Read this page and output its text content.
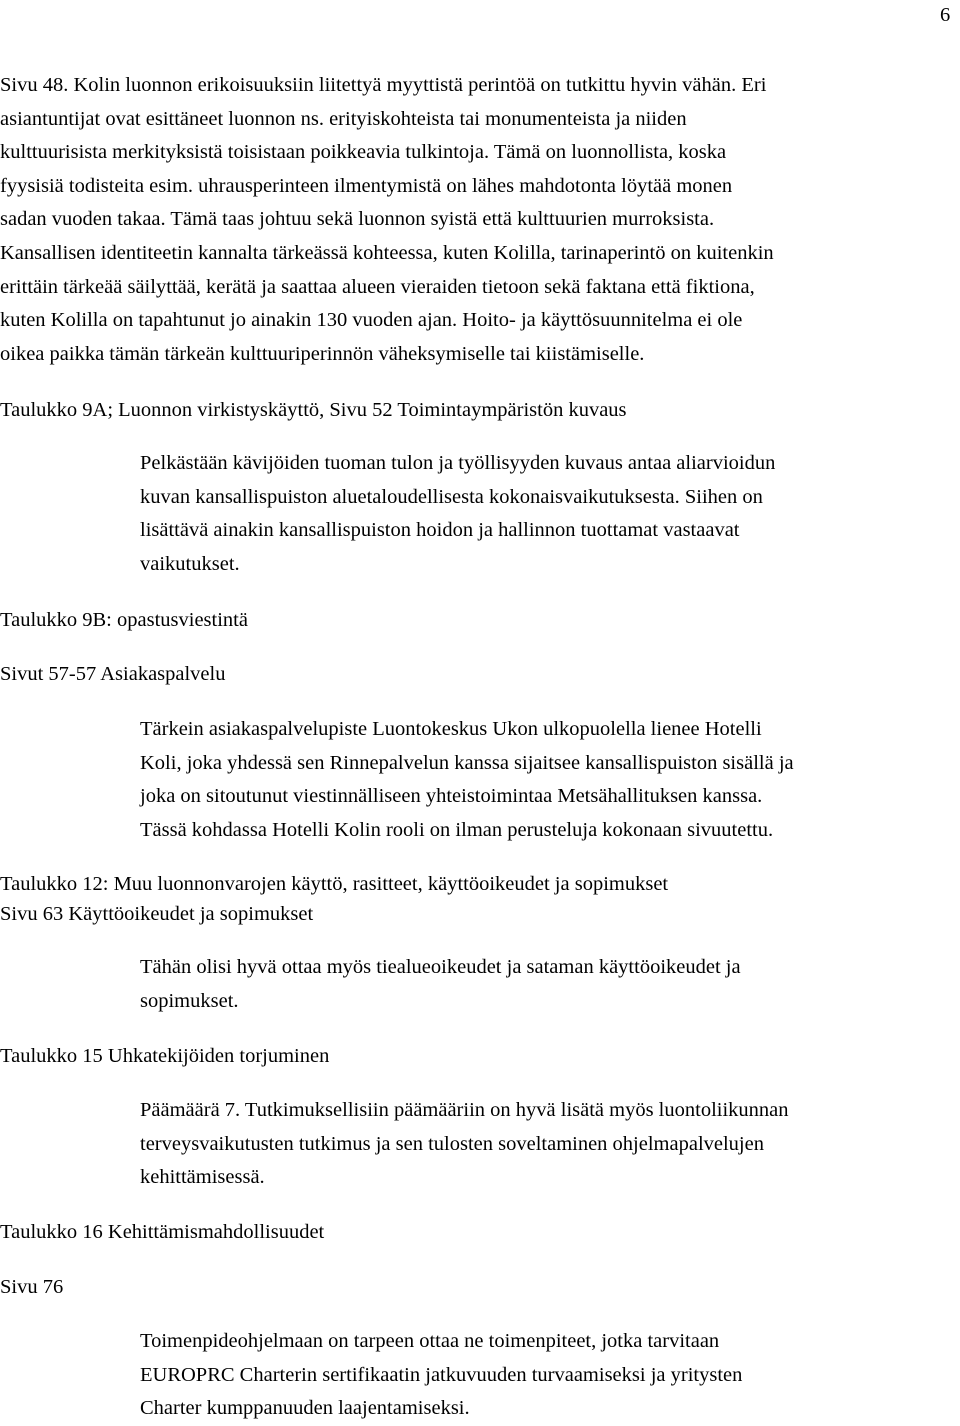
6
Sivu 48. Kolin luonnon erikoisuuksiin liitettyä myyttistä perintöä on tutkittu hyvin vähän. Eri
asiantuntijat ovat esittäneet luonnon ns. erityiskohteista tai monumenteista ja niiden
kulttuurisista merkityksistä toisistaan poikkeavia tulkintoja. Tämä on luonnollista, koska
fyysisiä todisteita esim. uhrausperinteen ilmentymistä on lähes mahdotonta löytää monen
sadan vuoden takaa. Tämä taas johtuu sekä luonnon syistä että kulttuurien murroksista.
Kansallisen identiteetin kannalta tärkeässä kohteessa, kuten Kolilla, tarinaperintö on kuitenkin
erittäin tärkeää säilyttää, kerätä ja saattaa alueen vieraiden tietoon sekä faktana että fiktiona,
kuten Kolilla on tapahtunut jo ainakin 130 vuoden ajan. Hoito- ja käyttösuunnitelma ei ole
oikea paikka tämän tärkeän kulttuuriperinnön väheksymiselle tai kiistämiselle.
Taulukko 9A; Luonnon virkistyskäyttö, Sivu 52 Toimintaympäristön kuvaus
Pelkästään kävijöiden tuoman tulon ja työllisyyden kuvaus antaa aliarvioidun
kuvan kansallispuiston aluetaloudellisesta kokonaisvaikutuksesta. Siihen on
lisättävä ainakin kansallispuiston hoidon ja hallinnon tuottamat vastaavat
vaikutukset.
Taulukko 9B: opastusviestintä
Sivut 57-57 Asiakaspalvelu
Tärkein asiakaspalvelupiste Luontokeskus Ukon ulkopuolella lienee Hotelli
Koli, joka yhdessä sen Rinnepalvelun kanssa sijaitsee kansallispuiston sisällä ja
joka on sitoutunut viestinnälliseen yhteistoimintaa Metsähallituksen kanssa.
Tässä kohdassa Hotelli Kolin rooli on ilman perusteluja kokonaan sivuutettu.
Taulukko 12: Muu luonnonvarojen käyttö, rasitteet, käyttöoikeudet ja sopimukset
Sivu 63 Käyttöoikeudet ja sopimukset
Tähän olisi hyvä ottaa myös tiealueoikeudet ja sataman käyttöoikeudet ja
sopimukset.
Taulukko 15 Uhkatekijöiden torjuminen
Päämäärä 7. Tutkimuksellisiin päämääriin on hyvä lisätä myös luontoliikunnan
terveysvaikutusten tutkimus ja sen tulosten soveltaminen ohjelmapalvelujen
kehittämisessä.
Taulukko 16 Kehittämismahdollisuudet
Sivu 76
Toimenpideohjelmaan on tarpeen ottaa ne toimenpiteet, jotka tarvitaan
EUROPRC Charterin sertifikaatin jatkuvuuden turvaamiseksi ja yritysten
Charter kumppanuuden laajentamiseksi.
